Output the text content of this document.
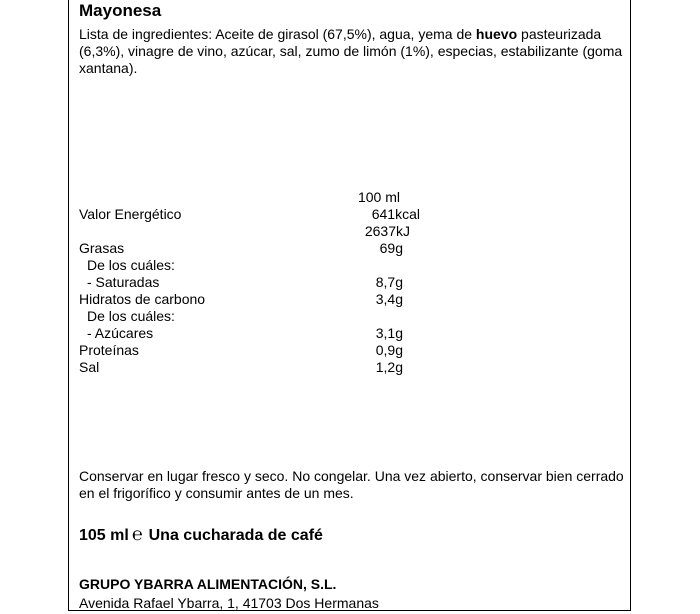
Mayonesa
Lista de ingredientes: Aceite de girasol (67,5%), agua, yema de huevo pasteurizada (6,3%), vinagre de vino, azúcar, sal, zumo de limón (1%), especias, estabilizante (goma xantana).
100 ml
Valor Energético	641kcal
2637kJ
Grasas	69g
De los cuáles:
- Saturadas	8,7g
Hidratos de carbono	3,4g
De los cuáles:
- Azúcares	3,1g
Proteínas	0,9g
Sal	1,2g
Conservar en lugar fresco y seco. No congelar. Una vez abierto, conservar bien cerrado en el frigorífico y consumir antes de un mes.
105 ml ℮ Una cucharada de café
GRUPO YBARRA ALIMENTACIÓN, S.L.
Avenida Rafael Ybarra, 1, 41703 Dos Hermanas
